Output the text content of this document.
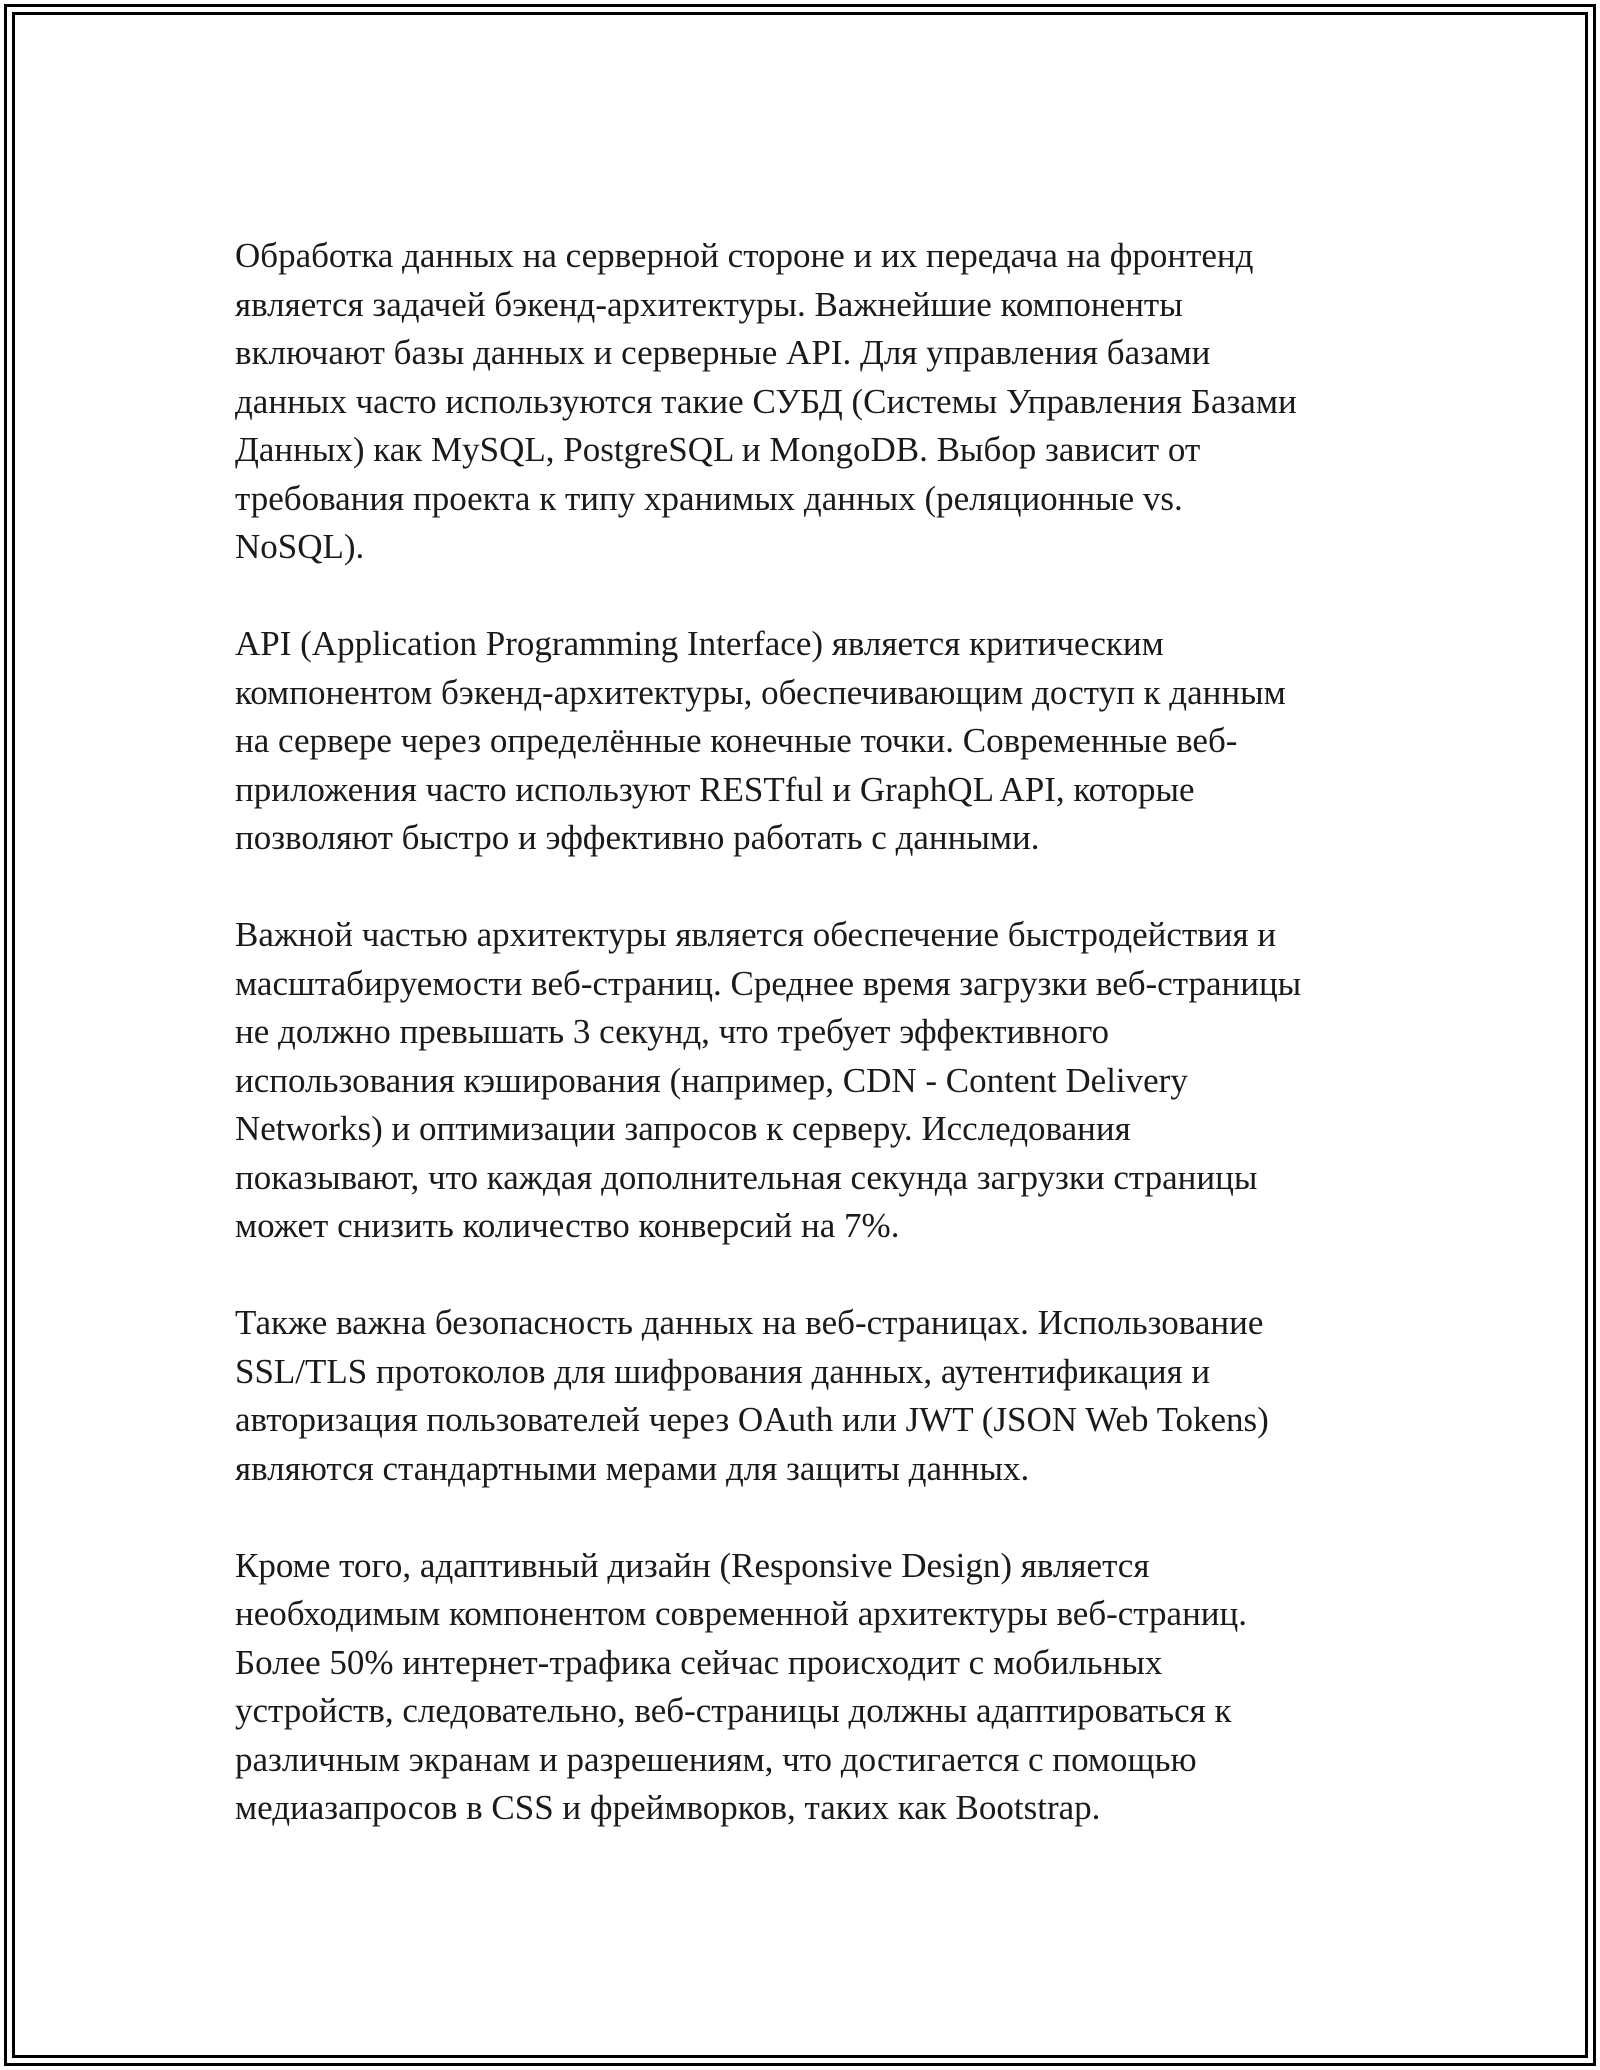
Обработка данных на серверной стороне и их передача на фронтенд
является задачей бэкенд-архитектуры. Важнейшие компоненты
включают базы данных и серверные API. Для управления базами
данных часто используются такие СУБД (Системы Управления Базами
Данных) как MySQL, PostgreSQL и MongoDB. Выбор зависит от
требования проекта к типу хранимых данных (реляционные vs.
NoSQL).

API (Application Programming Interface) является критическим
компонентом бэкенд-архитектуры, обеспечивающим доступ к данным
на сервере через определённые конечные точки. Современные веб-
приложения часто используют RESTful и GraphQL API, которые
позволяют быстро и эффективно работать с данными.

Важной частью архитектуры является обеспечение быстродействия и
масштабируемости веб-страниц. Среднее время загрузки веб-страницы
не должно превышать 3 секунд, что требует эффективного
использования кэширования (например, CDN - Content Delivery
Networks) и оптимизации запросов к серверу. Исследования
показывают, что каждая дополнительная секунда загрузки страницы
может снизить количество конверсий на 7%.

Также важна безопасность данных на веб-страницах. Использование
SSL/TLS протоколов для шифрования данных, аутентификация и
авторизация пользователей через OAuth или JWT (JSON Web Tokens)
являются стандартными мерами для защиты данных.

Кроме того, адаптивный дизайн (Responsive Design) является
необходимым компонентом современной архитектуры веб-страниц.
Более 50% интернет-трафика сейчас происходит с мобильных
устройств, следовательно, веб-страницы должны адаптироваться к
различным экранам и разрешениям, что достигается с помощью
медиазапросов в CSS и фреймворков, таких как Bootstrap.
